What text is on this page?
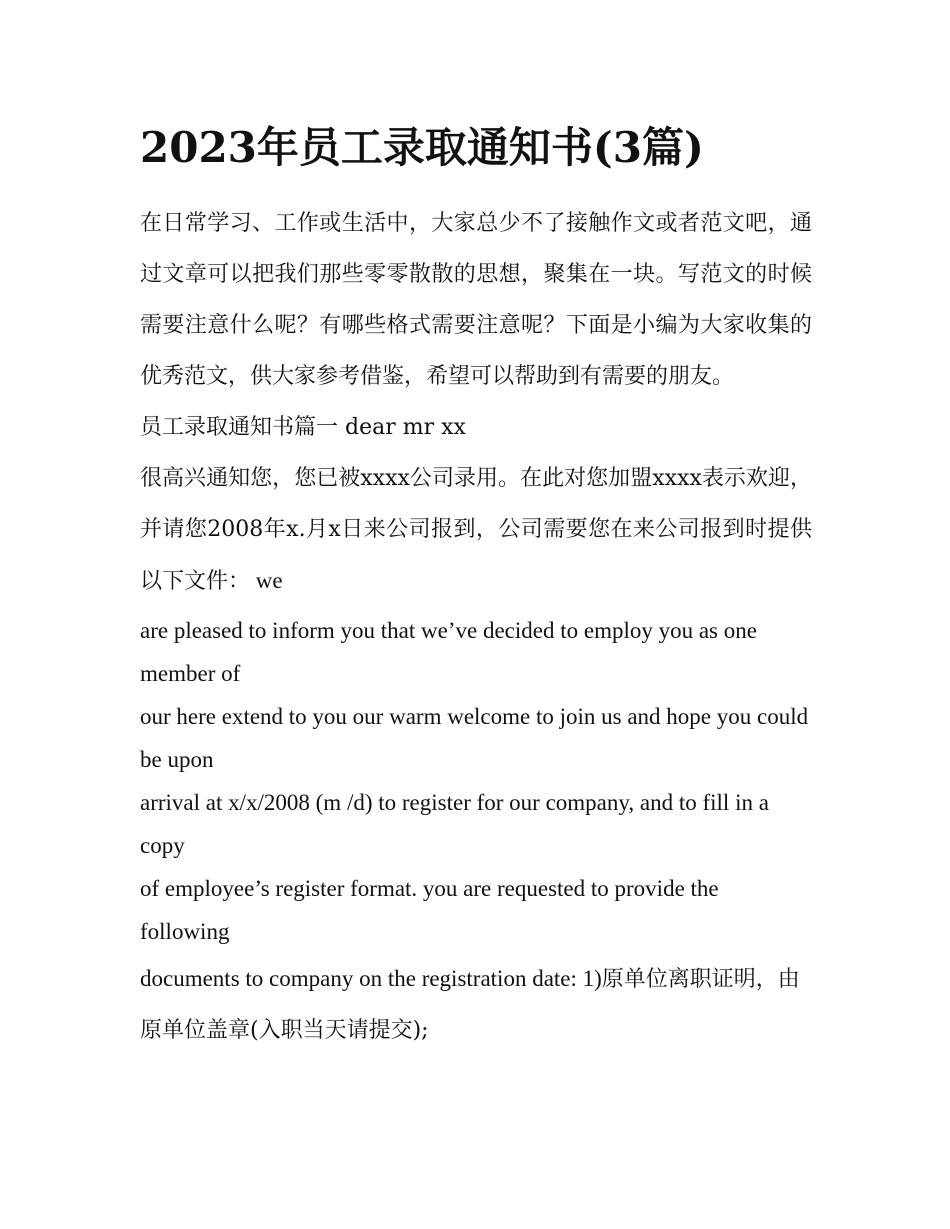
2023年员工录取通知书(3篇)

在日常学习、工作或生活中，大家总少不了接触作文或者范文吧，通过文章可以把我们那些零零散散的思想，聚集在一块。写范文的时候需要注意什么呢？有哪些格式需要注意呢？下面是小编为大家收集的优秀范文，供大家参考借鉴，希望可以帮助到有需要的朋友。

员工录取通知书篇一 dear mr xx

很高兴通知您，您已被xxxx公司录用。在此对您加盟xxxx表示欢迎，并请您2008年x.月x日来公司报到，公司需要您在来公司报到时提供以下文件： we

are pleased to inform you that we’ve decided to employ you as one member of

our here extend to you our warm welcome to join us and hope you could be upon

arrival at x/x/2008 (m /d) to register for our company, and to fill in a copy

of employee’s register format. you are requested to provide the following

documents to company on the registration date: 1)原单位离职证明，由原单位盖章(入职当天请提交);
